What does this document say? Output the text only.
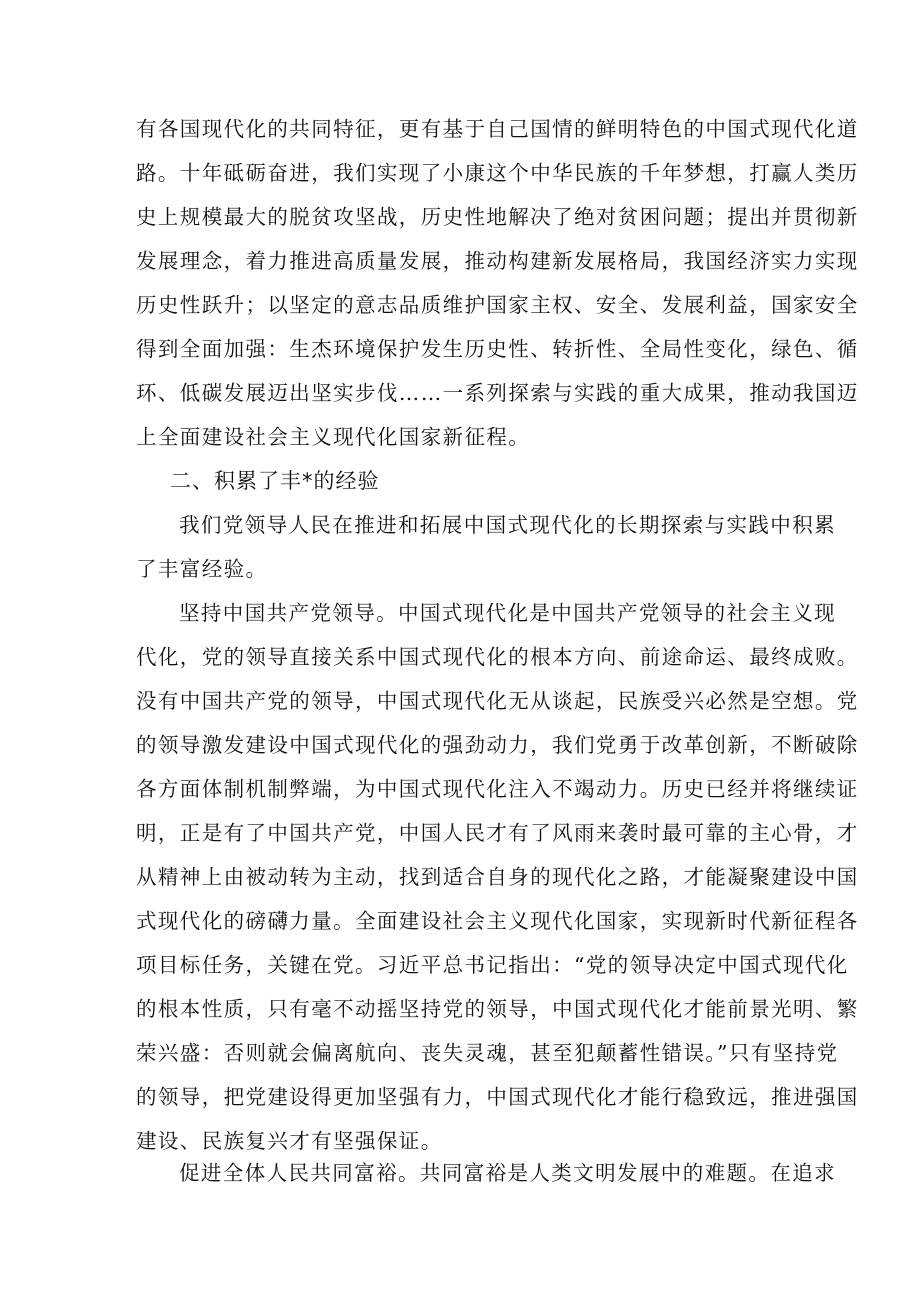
有各国现代化的共同特征，更有基于自己国情的鲜明特色的中国式现代化道
路。十年砥砺奋进，我们实现了小康这个中华民族的千年梦想，打赢人类历
史上规模最大的脱贫攻坚战，历史性地解决了绝对贫困问题；提出并贯彻新
发展理念，着力推进高质量发展，推动构建新发展格局，我国经济实力实现
历史性跃升；以坚定的意志品质维护国家主权、安全、发展利益，国家安全
得到全面加强：生杰环境保护发生历史性、转折性、全局性变化，绿色、循
环、低碳发展迈出坚实步伐……一系列探索与实践的重大成果，推动我国迈
上全面建设社会主义现代化国家新征程。
我们党领导人民在推进和拓展中国式现代化的长期探索与实践中积累
了丰富经验。
坚持中国共产党领导。中国式现代化是中国共产党领导的社会主义现
代化，党的领导直接关系中国式现代化的根本方向、前途命运、最终成败。
没有中国共产党的领导，中国式现代化无从谈起，民族受兴必然是空想。党
的领导激发建设中国式现代化的强劲动力，我们党勇于改革创新，不断破除
各方面体制机制弊端，为中国式现代化注入不竭动力。历史已经并将继续证
明，正是有了中国共产党，中国人民才有了风雨来袭时最可靠的主心骨，才
从精神上由被动转为主动，找到适合自身的现代化之路，才能凝聚建设中国
式现代化的磅礴力量。全面建设社会主义现代化国家，实现新时代新征程各
项目标任务，关键在党。习近平总书记指出：“党的领导决定中国式现代化
的根本性质，只有毫不动摇坚持党的领导，中国式现代化才能前景光明、繁
荣兴盛：否则就会偏离航向、丧失灵魂，甚至犯颠蓄性错误。”只有坚持党
的领导，把党建设得更加坚强有力，中国式现代化才能行稳致远，推进强国
建设、民族复兴才有坚强保证。
促进全体人民共同富裕。共同富裕是人类文明发展中的难题。在追求
二、积累了丰*的经验
